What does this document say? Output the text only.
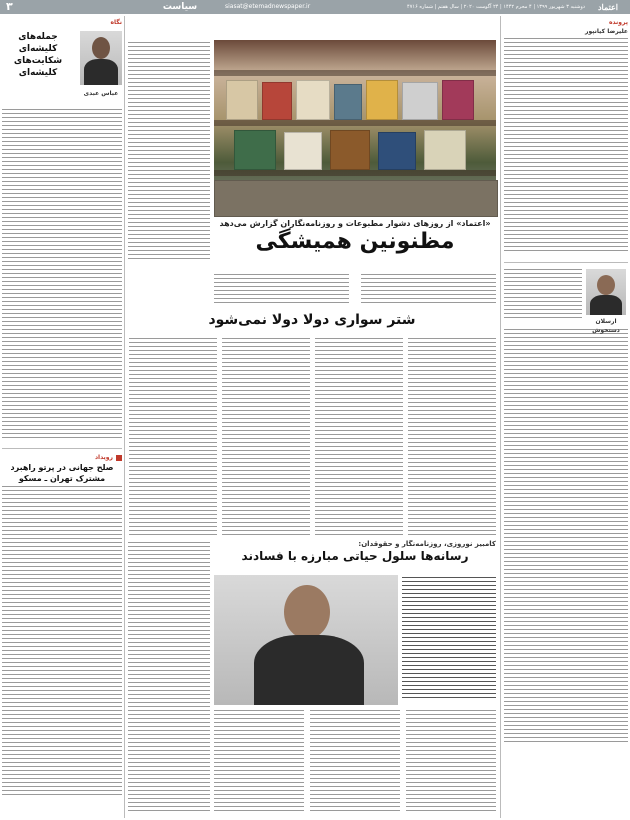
۳	سیاست	siasat@etemadnewspaper.ir	دوشنبه ۳ شهریور ۱۳۹۹ | ۴ محرم ۱۴۴۲ | ۲۴ آگوست ۲۰۲۰ | سال هفتم | شماره ۴۷۱۶	اعتماد
پرونده
علیرضا کیانپور
ارسلان دستخوش
«اعتماد» از روزهای دشوار مطبوعات و روزنامه‌نگاران گزارش می‌دهد
مظنونین همیشگی
شتر سواری دولا دولا نمی‌شود
کامبیز نوروزی، روزنامه‌نگار و حقوقدان:
رسانه‌ها سلول حیاتی مبارزه با فسادند
نگاه
جمله‌های کلیشه‌ای شکایت‌های کلیشه‌ای
عباس عبدی
رویداد
صلح جهانی در پرتو راهبرد مشترک تهران ـ مسکو
